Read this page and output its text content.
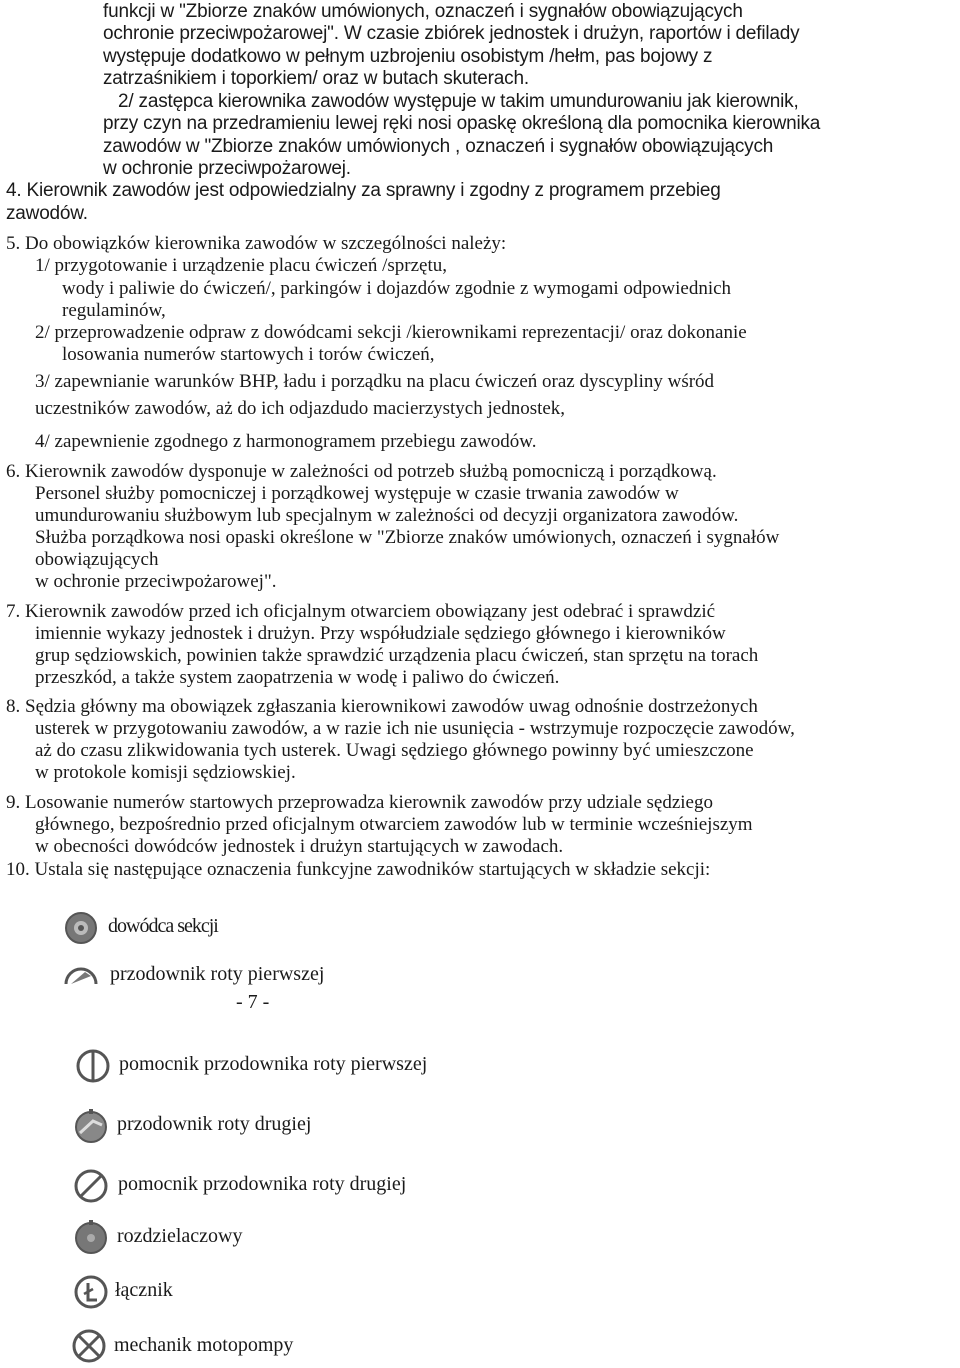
funkcji w "Zbiorze znaków umówionych, oznaczeń i sygnałów obowiązujących
ochronie przeciwpożarowej". W czasie zbiórek jednostek i drużyn, raportów i defilady
występuje dodatkowo w pełnym uzbrojeniu osobistym /hełm, pas bojowy z
zatrzaśnikiem i toporkiem/ oraz w butach skuterach.
2/ zastępca kierownika zawodów występuje w takim umundurowaniu jak kierownik,
przy czyn na przedramieniu lewej ręki nosi opaskę określoną dla pomocnika kierownika
zawodów w "Zbiorze znaków umówionych , oznaczeń i sygnałów obowiązujących
w ochronie przeciwpożarowej.
4. Kierownik zawodów jest odpowiedzialny za sprawny i zgodny z programem przebieg
zawodów.
5. Do obowiązków kierownika zawodów w szczególności należy:
1/ przygotowanie i urządzenie placu ćwiczeń /sprzętu,
wody i paliwie do ćwiczeń/, parkingów i dojazdów zgodnie z wymogami odpowiednich
regulaminów,
2/ przeprowadzenie odpraw z dowódcami sekcji /kierownikami reprezentacji/ oraz dokonanie
losowania numerów startowych i torów ćwiczeń,
3/ zapewnianie warunków BHP, ładu i porządku na placu ćwiczeń oraz dyscypliny wśród
uczestników zawodów, aż do ich odjazdudo macierzystych jednostek,
4/ zapewnienie zgodnego z harmonogramem przebiegu zawodów.
6. Kierownik zawodów dysponuje w zależności od potrzeb służbą pomocniczą i porządkową.
Personel służby pomocniczej i porządkowej występuje w czasie trwania zawodów w
umundurowaniu służbowym lub specjalnym w zależności od decyzji organizatora zawodów.
Służba porządkowa nosi opaski określone w "Zbiorze znaków umówionych, oznaczeń i sygnałów
obowiązujących
w ochronie przeciwpożarowej".
7. Kierownik zawodów przed ich oficjalnym otwarciem obowiązany jest odebrać i sprawdzić
imiennie wykazy jednostek i drużyn. Przy współudziale sędziego głównego i kierowników
grup sędziowskich, powinien także sprawdzić urządzenia placu ćwiczeń, stan sprzętu na torach
przeszkód, a także system zaopatrzenia w wodę i paliwo do ćwiczeń.
8. Sędzia główny ma obowiązek zgłaszania kierownikowi zawodów uwag odnośnie dostrzeżonych
usterek w przygotowaniu zawodów, a w razie ich nie usunięcia - wstrzymuje rozpoczęcie zawodów,
aż do czasu zlikwidowania tych usterek. Uwagi sędziego głównego powinny być umieszczone
w protokole komisji sędziowskiej.
9. Losowanie numerów startowych przeprowadza kierownik zawodów przy udziale sędziego
głównego, bezpośrednio przed oficjalnym otwarciem zawodów lub w terminie wcześniejszym
w obecności dowódców jednostek i drużyn startujących w zawodach.
10. Ustala się następujące oznaczenia funkcyjne zawodników startujących w składzie sekcji:
dowódca sekcji
przodownik roty pierwszej
- 7 -
pomocnik przodownika roty pierwszej
przodownik roty drugiej
pomocnik przodownika roty drugiej
rozdzielaczowy
łącznik
mechanik motopompy
